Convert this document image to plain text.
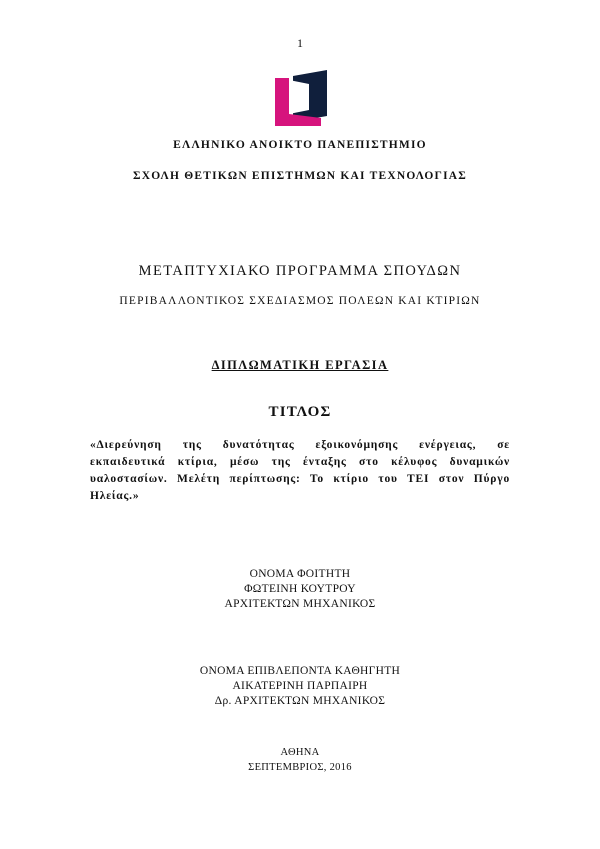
1
ΕΛΛΗΝΙΚΟ ΑΝΟΙΚΤΟ ΠΑΝΕΠΙΣΤΗΜΙΟ
ΣΧΟΛΗ ΘΕΤΙΚΩΝ ΕΠΙΣΤΗΜΩΝ ΚΑΙ ΤΕΧΝΟΛΟΓΙΑΣ
ΜΕΤΑΠΤΥΧΙΑΚΟ ΠΡΟΓΡΑΜΜΑ ΣΠΟΥΔΩΝ
ΠΕΡΙΒΑΛΛΟΝΤΙΚΟΣ ΣΧΕΔΙΑΣΜΟΣ ΠΟΛΕΩΝ ΚΑΙ ΚΤΙΡΙΩΝ
ΔΙΠΛΩΜΑΤΙΚΗ ΕΡΓΑΣΙΑ
ΤΙΤΛΟΣ
«Διερεύνηση της δυνατότητας εξοικονόμησης ενέργειας, σε εκπαιδευτικά κτίρια, μέσω της ένταξης στο κέλυφος δυναμικών υαλοστασίων. Μελέτη περίπτωσης: Το κτίριο του ΤΕΙ στον Πύργο Ηλείας.»
ΟΝΟΜΑ ΦΟΙΤΗΤΗ
ΦΩΤΕΙΝΗ ΚΟΥΤΡΟΥ
ΑΡΧΙΤΕΚΤΩΝ ΜΗΧΑΝΙΚΟΣ
ΟΝΟΜΑ ΕΠΙΒΛΕΠΟΝΤΑ ΚΑΘΗΓΗΤΗ
ΑΙΚΑΤΕΡΙΝΗ ΠΑΡΠΑΙΡΗ
Δρ. ΑΡΧΙΤΕΚΤΩΝ ΜΗΧΑΝΙΚΟΣ
ΑΘΗΝΑ
ΣΕΠΤΕΜΒΡΙΟΣ, 2016
